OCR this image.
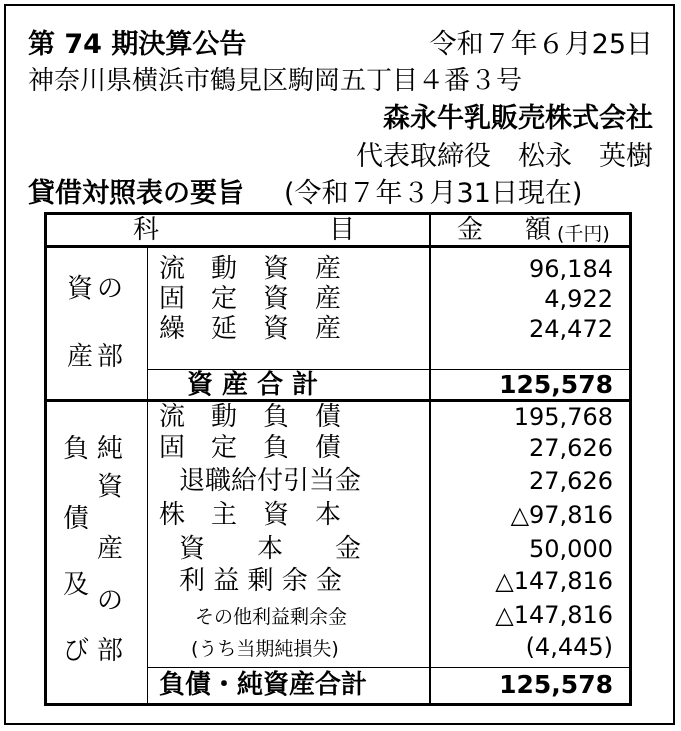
第 74 期決算公告	令和７年６月25日
神奈川県横浜市鶴見区駒岡五丁目４番３号
森永牛乳販売株式会社
代表取締役　松永　英樹
貸借対照表の要旨 (令和７年３月31日現在)
科	目	金 額 (千円)
資の
産部
流　動　資　産	96,184
固　定　資　産	4,922
繰　延　資　産	24,472
資 産 合 計	125,578
負
債
及
び
純
資
産
の
部
流　動　負　債	195,768
固　定　負　債	27,626
退職給付引当金	27,626
株　主　資　本	△97,816
資　　本　　金	50,000
利 益 剰 余 金	△147,816
その他利益剰余金	△147,816
(うち当期純損失)	(4,445)
負債・純資産合計	125,578
